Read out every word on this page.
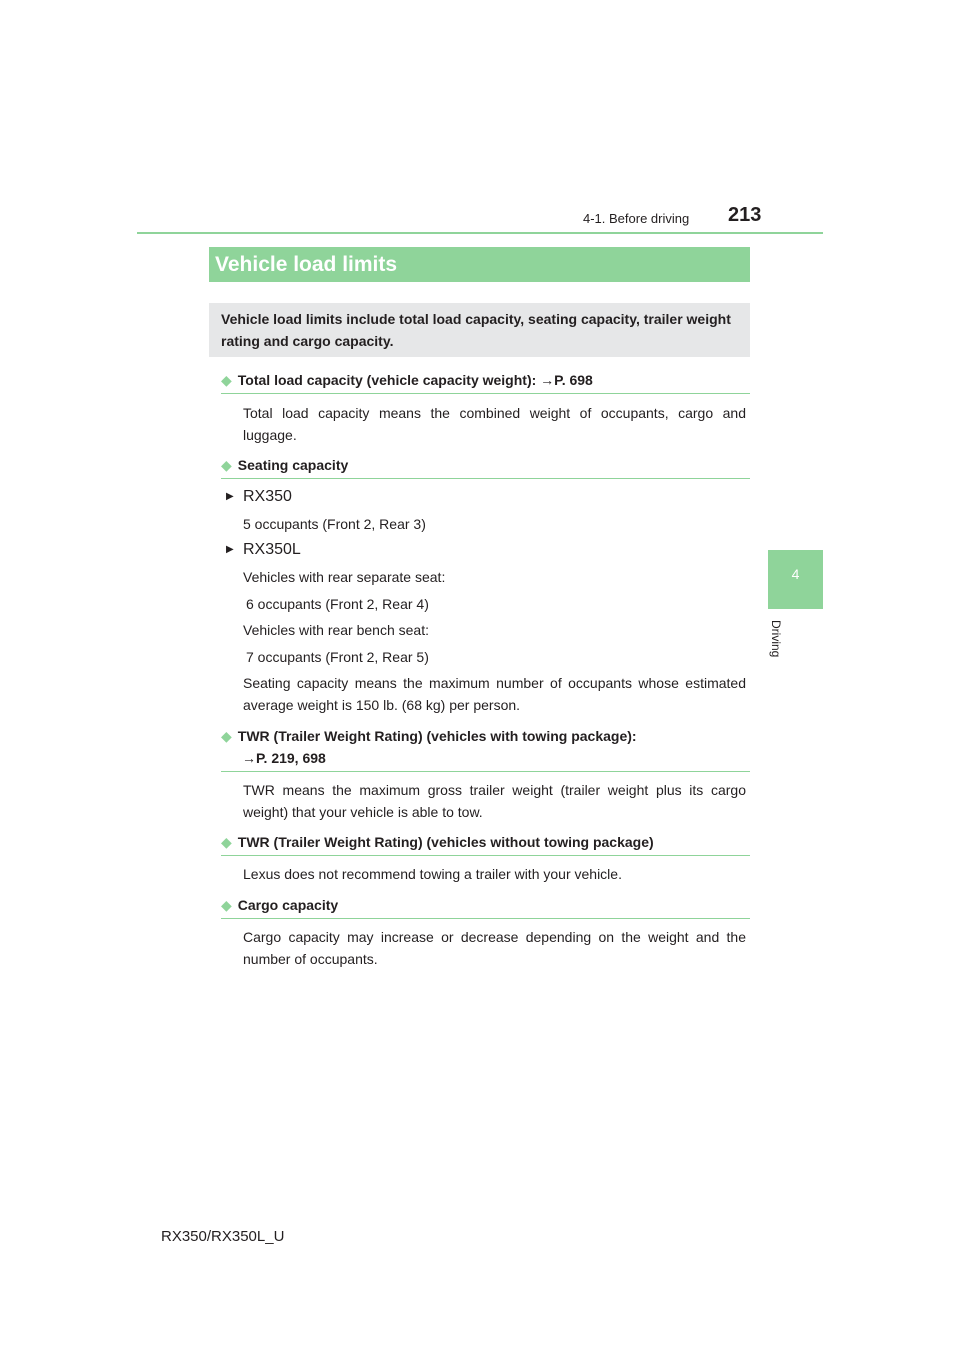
4-1. Before driving 213
4
Driving
Vehicle load limits
Vehicle load limits include total load capacity, seating capacity, trailer weight rating and cargo capacity.
◆ Total load capacity (vehicle capacity weight): →P. 698
Total load capacity means the combined weight of occupants, cargo and luggage.
◆ Seating capacity
▶ RX350
5 occupants (Front 2, Rear 3)
▶ RX350L
Vehicles with rear separate seat:
6 occupants (Front 2, Rear 4)
Vehicles with rear bench seat:
7 occupants (Front 2, Rear 5)
Seating capacity means the maximum number of occupants whose estimated average weight is 150 lb. (68 kg) per person.
◆ TWR (Trailer Weight Rating) (vehicles with towing package):
→P. 219, 698
TWR means the maximum gross trailer weight (trailer weight plus its cargo weight) that your vehicle is able to tow.
◆ TWR (Trailer Weight Rating) (vehicles without towing package)
Lexus does not recommend towing a trailer with your vehicle.
◆ Cargo capacity
Cargo capacity may increase or decrease depending on the weight and the number of occupants.
RX350/RX350L_U
